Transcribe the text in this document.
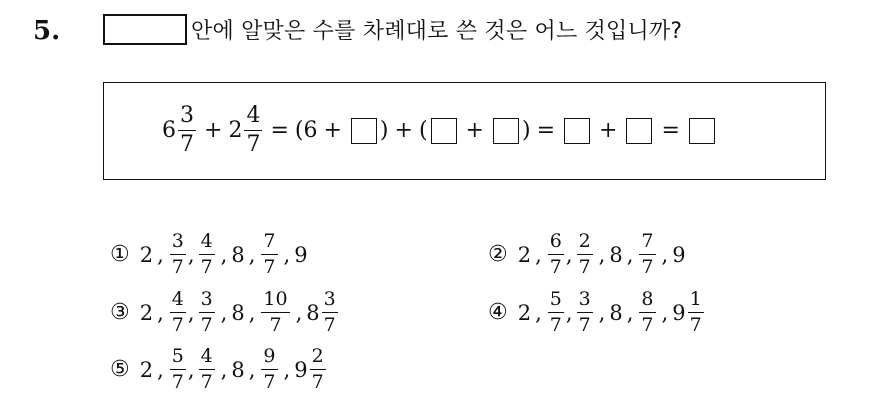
5.	안에 알맞은 수를 차례대로 쓴 것은 어느 것입니까?
$6 \frac{3}{7} + 2 \frac{4}{7} = (6$ + ) + ( + ) = + =
① 2 , $\frac{3}{7}$ , $\frac{4}{7}$ , 8 , $\frac{7}{7}$ , 9	② 2 , $\frac{6}{7}$ , $\frac{2}{7}$ , 8 , $\frac{7}{7}$ , 9
③ 2 , $\frac{4}{7}$ , $\frac{3}{7}$ , 8 , $\frac{10}{7}$ , $8 \frac{3}{7}$	④ 2 , $\frac{5}{7}$ , $\frac{3}{7}$ , 8 , $\frac{8}{7}$ , $9 \frac{1}{7}$
⑤ 2 , $\frac{5}{7}$ , $\frac{4}{7}$ , 8 , $\frac{9}{7}$ , $9 \frac{2}{7}$
